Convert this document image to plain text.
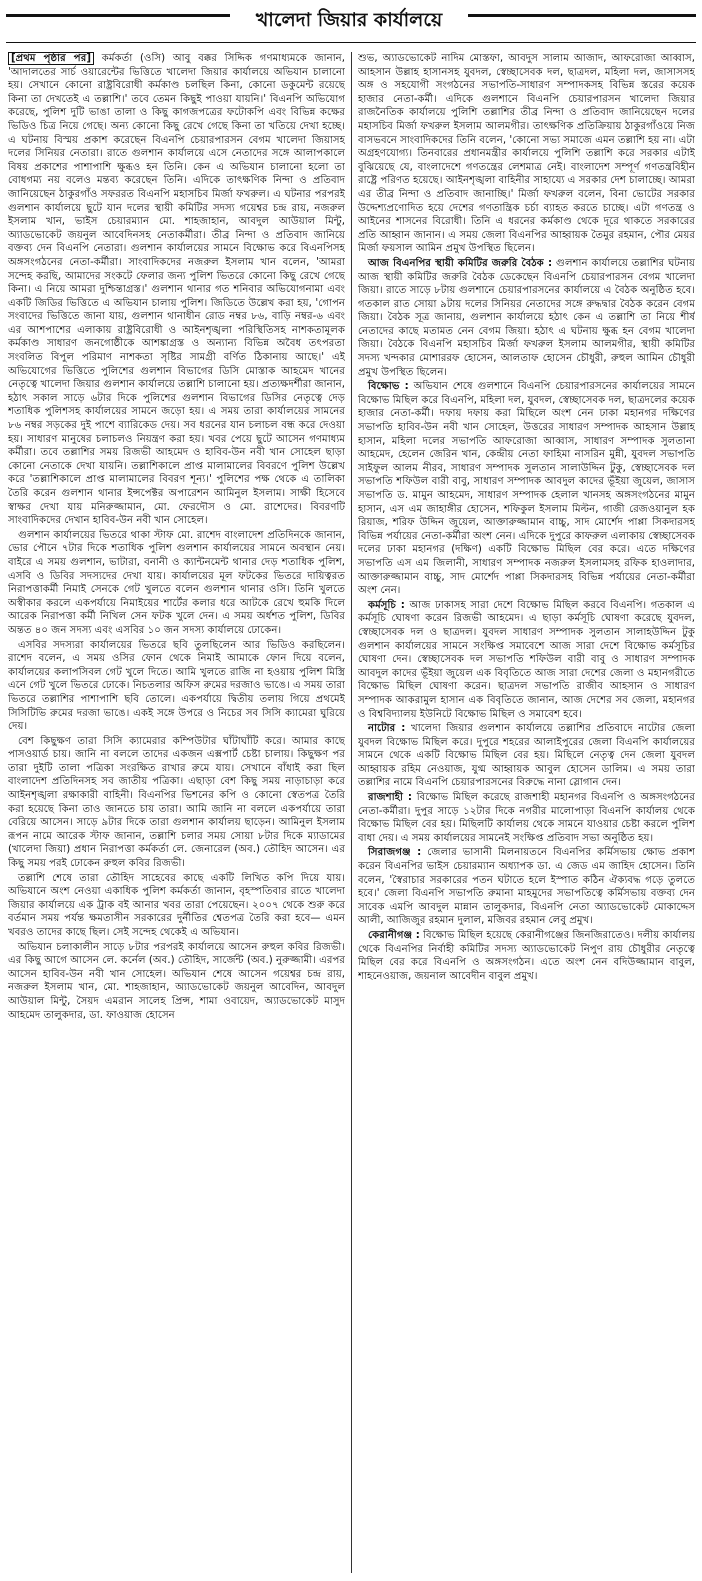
খালেদা জিয়ার কার্যালয়ে

[প্রথম পৃষ্ঠার পর] কর্মকর্তা (ওসি) আবু বক্কর সিদ্দিক গণমাধ্যমকে জানান, 'আদালতের সার্চ ওয়ারেন্টের ভিত্তিতে খালেদা জিয়ার কার্যালয়ে অভিযান চালানো হয়। সেখানে কোনো রাষ্ট্রবিরোধী কর্মকাণ্ড চলছিল কিনা, কোনো ডকুমেন্ট রয়েছে কিনা তা দেখতেই এ তল্লাশি।' তবে তেমন কিছুই পাওয়া যায়নি।' বিএনপি অভিযোগ করেছে, পুলিশ দুটি ভাঙা তালা ও কিছু কাগজপত্রের ফটোকপি এবং বিভিন্ন কক্ষের ভিডিও চিত্র নিয়ে গেছে। অন্য কোনো কিছু রেখে গেছে কিনা তা খতিয়ে দেখা হচ্ছে। এ ঘটনায় বিস্ময় প্রকাশ করেছেন বিএনপি চেয়ারপারসন বেগম খালেদা জিয়াসহ দলের সিনিয়র নেতারা। রাতে গুলশান কার্যালয়ে এসে নেতাদের সঙ্গে আলাপকালে বিষয় প্রকাশের পাশাপাশি ক্ষুব্ধও হন তিনি। কেন এ অভিযান চালানো হলো তা বোধগম্য নয় বলেও মন্তব্য করেছেন তিনি। এদিকে তাৎক্ষণিক নিন্দা ও প্রতিবাদ জানিয়েছেন ঠাকুরগাঁও সফররত বিএনপি মহাসচিব মির্জা ফখরুল। এ ঘটনার পরপরই গুলশান কার্যালয়ে ছুটে যান দলের স্থায়ী কমিটির সদস্য গয়েশ্বর চন্দ্র রায়, নজরুল ইসলাম খান, ভাইস চেয়ারম্যান মো. শাহজাহান, আবদুল আউয়াল মিন্টু, অ্যাডভোকেট জয়নুল আবেদিনসহ নেতাকর্মীরা। তীব্র নিন্দা ও প্রতিবাদ জানিয়ে বক্তব্য দেন বিএনপি নেতারা। গুলশান কার্যালয়ের সামনে বিক্ষোভ করে বিএনপিসহ অঙ্গসংগঠনের নেতা-কর্মীরা। সাংবাদিকদের নজরুল ইসলাম খান বলেন, 'আমরা সন্দেহ করছি, আমাদের সংকটে ফেলার জন্য পুলিশ ভিতরে কোনো কিছু রেখে গেছে কিনা। এ নিয়ে আমরা দুশ্চিন্তাগ্রস্ত।' গুলশান থানার গত শনিবার অভিযোগনামা এবং একটি জিডির ভিত্তিতে এ অভিযান চালায় পুলিশ। জিডিতে উল্লেখ করা হয়, 'গোপন সংবাদের ভিত্তিতে জানা যায়, গুলশান থানাধীন রোড নম্বর ৮৬, বাড়ি নম্বর-৬ এবং এর আশপাশের এলাকায় রাষ্ট্রবিরোধী ও আইনশৃঙ্খলা পরিস্থিতিসহ নাশকতামূলক কর্মকাণ্ড সাধারণ জনগোষ্ঠীকে আশঙ্কাগ্রস্ত ও অন্যান্য বিভিন্ন অবৈধ তৎপরতা সংবলিত বিপুল পরিমাণ নাশকতা সৃষ্টির সামগ্রী বর্ণিত ঠিকানায় আছে।' এই অভিযোগের ভিত্তিতে পুলিশের গুলশান বিভাগের ডিসি মোস্তাক আহমেদ খানের নেতৃত্বে খালেদা জিয়ার গুলশান কার্যালয়ে তল্লাশি চালানো হয়। প্রত্যক্ষদর্শীরা জানান, হঠাৎ সকাল সাড়ে ৬টার দিকে পুলিশের গুলশান বিভাগের ডিসির নেতৃত্বে দেড় শতাধিক পুলিশসহ কার্যালয়ের সামনে জড়ো হয়। এ সময় তারা কার্যালয়ের সামনের ৮৬ নম্বর সড়কের দুই পাশে ব্যারিকেড দেয়। সব ধরনের যান চলাচল বন্ধ করে দেওয়া হয়। সাধারণ মানুষের চলাচলও নিয়ন্ত্রণ করা হয়। খবর পেয়ে ছুটে আসেন গণমাধ্যম কর্মীরা। তবে তল্লাশির সময় রিজভী আহমেদ ও হাবিব-উন নবী খান সোহেল ছাড়া কোনো নেতাকে দেখা যায়নি। তল্লাশিকালে প্রাপ্ত মালামালের বিবরণে পুলিশ উল্লেখ করে 'তল্লাশিকালে প্রাপ্ত মালামালের বিবরণ শূন্য।' পুলিশের পক্ষ থেকে এ তালিকা তৈরি করেন গুলশান থানার ইন্সপেক্টর অপারেশন আমিনুল ইসলাম। সাক্ষী হিসেবে স্বাক্ষর দেখা যায় মনিরুজ্জামান, মো. ফেরদৌস ও মো. রাশেদের। বিবরণটি সাংবাদিকদের দেখান হাবিব-উন নবী খান সোহেল।

গুলশান কার্যালয়ের ভিতরে থাকা স্টাফ মো. রাশেদ বাংলাদেশ প্রতিদিনকে জানান, ভোর পৌনে ৭টার দিকে শতাধিক পুলিশ গুলশান কার্যালয়ের সামনে অবস্থান নেয়। বাইরে এ সময় গুলশান, ভাটারা, বনানী ও ক্যান্টনমেন্ট থানার দেড় শতাধিক পুলিশ, এসবি ও ডিবির সদস্যদের দেখা যায়। কার্যালয়ের মূল ফটকের ভিতরে দায়িত্বরত নিরাপত্তাকর্মী নিমাই সেনকে গেট খুলতে বলেন গুলশান থানার ওসি। তিনি খুলতে অস্বীকার করলে একপর্যায়ে নিমাইয়ের শার্টের কলার ধরে আটকে রেখে হুমকি দিলে আরেক নিরাপত্তা কর্মী নিখিল সেন ফটক খুলে দেন। এ সময় অর্ধশত পুলিশ, ডিবির অন্তত ৪০ জন সদস্য এবং এসবির ১০ জন সদস্য কার্যালয়ে ঢোকেন।

এসবির সদস্যরা কার্যালয়ের ভিতরে ছবি তুলছিলেন আর ভিডিও করছিলেন। রাশেদ বলেন, এ সময় ওসির ফোন থেকে নিমাই আমাকে ফোন দিয়ে বলেন, কার্যালয়ের কলাপসিবল গেট খুলে দিতে। আমি খুলতে রাজি না হওয়ায় পুলিশ মিস্ত্রি এনে গেট খুলে ভিতরে ঢোকে। নিচতলার অফিস রুমের দরজাও ভাঙে। এ সময় তারা ভিতরে তল্লাশির পাশাপাশি ছবি তোলে। একপর্যায়ে দ্বিতীয় তলায় গিয়ে প্রথমেই সিসিটিভি রুমের দরজা ভাঙে। একই সঙ্গে উপরে ও নিচের সব সিসি ক্যামেরা ঘুরিয়ে দেয়।

বেশ কিছুক্ষণ তারা সিসি ক্যামেরার কম্পিউটার ঘাঁটাঘাঁটি করে। আমার কাছে পাসওয়ার্ড চায়। জানি না বললে তাদের একজন এক্সপার্ট চেষ্টা চালায়। কিছুক্ষণ পর তারা দুইটি তালা পত্রিকা সংরক্ষিত রাখার রুমে যায়। সেখানে বাঁধাই করা ছিল বাংলাদেশ প্রতিদিনসহ সব জাতীয় পত্রিকা। এছাড়া বেশ কিছু সময় নাড়াচাড়া করে আইনশৃঙ্খলা রক্ষাকারী বাহিনী। বিএনপির ভিশনের কপি ও কোনো স্বেতপত্র তৈরি করা হয়েছে কিনা তাও জানতে চায় তারা। আমি জানি না বললে একপর্যায়ে তারা বেরিয়ে আসেন। সাড়ে ৯টার দিকে তারা গুলশান কার্যালয় ছাড়েন। আমিনুল ইসলাম রূপন নামে আরেক স্টাফ জানান, তল্লাশি চলার সময় সোয়া ৮টার দিকে ম্যাডামের (খালেদা জিয়া) প্রধান নিরাপত্তা কর্মকর্তা লে. জেনারেল (অব.) তৌহিদ আসেন। এর কিছু সময় পরই ঢোকেন রুহুল কবির রিজভী।

তল্লাশি শেষে তারা তৌহিদ সাহেবের কাছে একটি লিখিত কপি দিয়ে যায়। অভিযানে অংশ নেওয়া একাধিক পুলিশ কর্মকর্তা জানান, বৃহস্পতিবার রাতে খালেদা জিয়ার কার্যালয়ে এক ট্রাক বই আনার খবর তারা পেয়েছেন। ২০০৭ থেকে শুরু করে বর্তমান সময় পর্যন্ত ক্ষমতাসীন সরকারের দুর্নীতির শ্বেতপত্র তৈরি করা হবে— এমন খবরও তাদের কাছে ছিল। সেই সন্দেহ থেকেই এ অভিযান।

অভিযান চলাকালীন সাড়ে ৮টার পরপরই কার্যালয়ে আসেন রুহুল কবির রিজভী। এর কিছু আগে আসেন লে. কর্নেল (অব.) তৌহিদ, সার্জেন্ট (অব.) নুরুজ্জামী। এরপর আসেন হাবিব-উন নবী খান সোহেল। অভিযান শেষে আসেন গয়েশ্বর চন্দ্র রায়, নজরুল ইসলাম খান, মো. শাহজাহান, অ্যাডভোকেট জয়নুল আবেদিন, আবদুল আউয়াল মিন্টু, সৈয়দ এমরান সালেহ প্রিন্স, শামা ওবায়েদ, অ্যাডভোকেট মাসুদ আহমেদ তালুকদার, ডা. ফাওয়াজ হোসেন

শুভ, অ্যাডভোকেট নাদিম মোস্তফা, আবদুস সালাম আজাদ, আফরোজা আব্বাস, আহসান উল্লাহ হাসানসহ যুবদল, স্বেচ্ছাসেবক দল, ছাত্রদল, মহিলা দল, জাসাসসহ অঙ্গ ও সহযোগী সংগঠনের সভাপতি-সাধারণ সম্পাদকসহ বিভিন্ন স্তরের কয়েক হাজার নেতা-কর্মী। এদিকে গুলশানে বিএনপি চেয়ারপারসন খালেদা জিয়ার রাজনৈতিক কার্যালয়ে পুলিশি তল্লাশির তীব্র নিন্দা ও প্রতিবাদ জানিয়েছেন দলের মহাসচিব মির্জা ফখরুল ইসলাম আলমগীর। তাৎক্ষণিক প্রতিক্রিয়ায় ঠাকুরগাঁওয়ে নিজ বাসভবনে সাংবাদিকদের তিনি বলেন, 'কোনো সভ্য সমাজে এমন তল্লাশি হয় না। এটা অগ্রহণযোগ্য। তিনবারের প্রধানমন্ত্রীর কার্যালয়ে পুলিশি তল্লাশি করে সরকার এটাই বুঝিয়েছে যে, বাংলাদেশে গণতন্ত্রের লেশমাত্র নেই। বাংলাদেশ সম্পূর্ণ গণতন্ত্রবিহীন রাষ্ট্রে পরিণত হয়েছে। আইনশৃঙ্খলা বাহিনীর সাহায্যে এ সরকার দেশ চালাচ্ছে। আমরা এর তীব্র নিন্দা ও প্রতিবাদ জানাচ্ছি।' মির্জা ফখরুল বলেন, বিনা ভোটের সরকার উদ্দেশ্যপ্রণোদিত হয়ে দেশের গণতান্ত্রিক চর্চা ব্যাহত করতে চাচ্ছে। এটা গণতন্ত্র ও আইনের শাসনের বিরোধী। তিনি এ ধরনের কর্মকাণ্ড থেকে দূরে থাকতে সরকারের প্রতি আহ্বান জানান। এ সময় জেলা বিএনপির আহ্বায়ক তৈমুর রহমান, পৌর মেয়র মির্জা ফয়সাল আমিন প্রমুখ উপস্থিত ছিলেন।

আজ বিএনপির স্থায়ী কমিটির জরুরি বৈঠক : গুলশান কার্যালয়ে তল্লাশির ঘটনায় আজ স্থায়ী কমিটির জরুরি বৈঠক ডেকেছেন বিএনপি চেয়ারপারসন বেগম খালেদা জিয়া। রাতে সাড়ে ৮টায় গুলশানে চেয়ারপারসনের কার্যালয়ে এ বৈঠক অনুষ্ঠিত হবে। গতকাল রাত সোয়া ৯টায় দলের সিনিয়র নেতাদের সঙ্গে রুদ্ধদ্বার বৈঠক করেন বেগম জিয়া। বৈঠক সূত্র জানায়, গুলশান কার্যালয়ে হঠাৎ কেন এ তল্লাশি তা নিয়ে শীর্ষ নেতাদের কাছে মতামত নেন বেগম জিয়া। হঠাৎ এ ঘটনায় ক্ষুব্ধ হন বেগম খালেদা জিয়া। বৈঠকে বিএনপি মহাসচিব মির্জা ফখরুল ইসলাম আলমগীর, স্থায়ী কমিটির সদস্য খন্দকার মোশাররফ হোসেন, আলতাফ হোসেন চৌধুরী, রুহুল আমিন চৌধুরী প্রমুখ উপস্থিত ছিলেন।

বিক্ষোভ : অভিযান শেষে গুলশানে বিএনপি চেয়ারপারসনের কার্যালয়ের সামনে বিক্ষোভ মিছিল করে বিএনপি, মহিলা দল, যুবদল, স্বেচ্ছাসেবক দল, ছাত্রদলের কয়েক হাজার নেতা-কর্মী। দফায় দফায় করা মিছিলে অংশ নেন ঢাকা মহানগর দক্ষিণের সভাপতি হাবিব-উন নবী খান সোহেল, উত্তরের সাধারণ সম্পাদক আহসান উল্লাহ হাসান, মহিলা দলের সভাপতি আফরোজা আব্বাস, সাধারণ সম্পাদক সুলতানা আহমেদ, হেলেন জেরিন খান, কেন্দ্রীয় নেতা ফাহিমা নাসরিন মুন্নী, যুবদল সভাপতি সাইফুল আলম নীরব, সাধারণ সম্পাদক সুলতান সালাউদ্দিন টুকু, স্বেচ্ছাসেবক দল সভাপতি শফিউল বারী বাবু, সাধারণ সম্পাদক আবদুল কাদের ভূঁইয়া জুয়েল, জাসাস সভাপতি ড. মামুন আহমেদ, সাধারণ সম্পাদক হেলাল খানসহ অঙ্গসংগঠনের মামুন হাসান, এস এম জাহাঙ্গীর হোসেন, শফিকুল ইসলাম মিল্টন, গাজী রেজওয়ানুল হক রিয়াজ, শরিফ উদ্দিন জুয়েল, আক্তারুজ্জামান বাচ্চু, সাদ মোর্শেদ পাপ্পা সিকদারসহ বিভিন্ন পর্যায়ের নেতা-কর্মীরা অংশ নেন। এদিকে দুপুরে কাফরুল এলাকায় স্বেচ্ছাসেবক দলের ঢাকা মহানগর (দক্ষিণ) একটি বিক্ষোভ মিছিল বের করে। এতে দক্ষিণের সভাপতি এস এম জিলানী, সাধারণ সম্পাদক নজরুল ইসলামসহ রফিক হাওলাদার, আক্তারুজ্জামান বাচ্চু, সাদ মোর্শেদ পাপ্পা সিকদারসহ বিভিন্ন পর্যায়ের নেতা-কর্মীরা অংশ নেন।

কর্মসূচি : আজ ঢাকাসহ সারা দেশে বিক্ষোভ মিছিল করবে বিএনপি। গতকাল এ কর্মসূচি ঘোষণা করেন রিজভী আহমেদ। এ ছাড়া কর্মসূচি ঘোষণা করেছে যুবদল, স্বেচ্ছাসেবক দল ও ছাত্রদল। যুবদল সাধারণ সম্পাদক সুলতান সালাহউদ্দিন টুকু গুলশান কার্যালয়ের সামনে সংক্ষিপ্ত সমাবেশে আজ সারা দেশে বিক্ষোভ কর্মসূচির ঘোষণা দেন। স্বেচ্ছাসেবক দল সভাপতি শফিউল বারী বাবু ও সাধারণ সম্পাদক আবদুল কাদের ভূঁইয়া জুয়েল এক বিবৃতিতে আজ সারা দেশের জেলা ও মহানগরীতে বিক্ষোভ মিছিল ঘোষণা করেন। ছাত্রদল সভাপতি রাজীব আহসান ও সাধারণ সম্পাদক আকরামুল হাসান এক বিবৃতিতে জানান, আজ দেশের সব জেলা, মহানগর ও বিশ্ববিদ্যালয় ইউনিটে বিক্ষোভ মিছিল ও সমাবেশ হবে।

নাটোর : খালেদা জিয়ার গুলশান কার্যালয়ে তল্লাশির প্রতিবাদে নাটোর জেলা যুবদল বিক্ষোভ মিছিল করে। দুপুরে শহরের আলাইপুরের জেলা বিএনপি কার্যালয়ের সামনে থেকে একটি বিক্ষোভ মিছিল বের হয়। মিছিলে নেতৃত্ব দেন জেলা যুবদল আহ্বায়ক রহিম নেওয়াজ, যুগ্ম আহ্বায়ক আবুল হোসেন ডালিম। এ সময় তারা তল্লাশির নামে বিএনপি চেয়ারপারসনের বিরুদ্ধে নানা স্লোগান দেন।

রাজশাহী : বিক্ষোভ মিছিল করেছে রাজশাহী মহানগর বিএনপি ও অঙ্গসংগঠনের নেতা-কর্মীরা। দুপুর সাড়ে ১২টার দিকে নগরীর মালোপাড়া বিএনপি কার্যালয় থেকে বিক্ষোভ মিছিল বের হয়। মিছিলটি কার্যালয় থেকে সামনে যাওয়ার চেষ্টা করলে পুলিশ বাধা দেয়। এ সময় কার্যালয়ের সামনেই সংক্ষিপ্ত প্রতিবাদ সভা অনুষ্ঠিত হয়।

সিরাজগঞ্জ : জেলার ভাসানী মিলনায়তনে বিএনপির কর্মিসভায় ক্ষোভ প্রকাশ করেন বিএনপির ভাইস চেয়ারম্যান অধ্যাপক ডা. এ জেড এম জাহিদ হোসেন। তিনি বলেন, 'স্বৈরাচার সরকারের পতন ঘটাতে হলে ইস্পাত কঠিন ঐক্যবদ্ধ গড়ে তুলতে হবে।' জেলা বিএনপি সভাপতি রুমানা মাহমুদের সভাপতিত্বে কর্মিসভায় বক্তব্য দেন সাবেক এমপি আবদুল মান্নান তালুকদার, বিএনপি নেতা অ্যাডভোকেট মোকাদ্দেস আলী, আজিজুর রহমান দুলাল, মজিবর রহমান লেবু প্রমুখ।

কেরানীগঞ্জ : বিক্ষোভ মিছিল হয়েছে কেরানীগঞ্জের জিনজিরাতেও। দলীয় কার্যালয় থেকে বিএনপির নির্বাহী কমিটির সদস্য অ্যাডভোকেট নিপুণ রায় চৌধুরীর নেতৃত্বে মিছিল বের করে বিএনপি ও অঙ্গসংগঠন। এতে অংশ নেন বদিউজ্জামান বাবুল, শাহনেওয়াজ, জয়নাল আবেদীন বাবুল প্রমুখ।
